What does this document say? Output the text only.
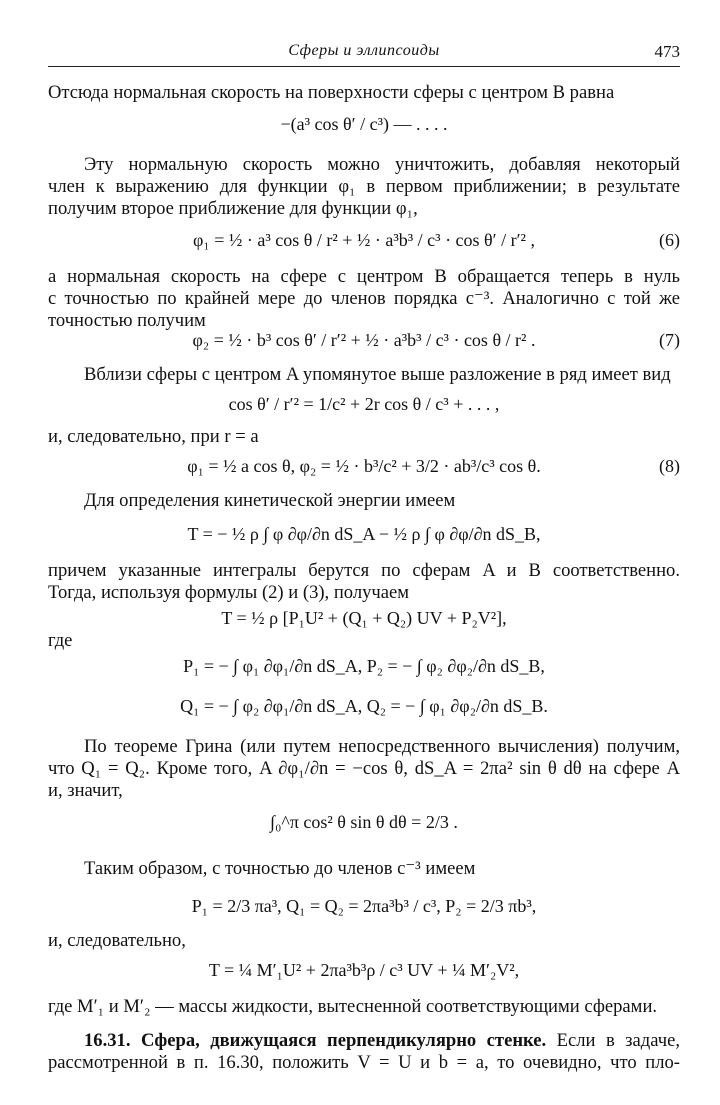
Сферы и эллипсоиды	473
Отсюда нормальная скорость на поверхности сферы с центром B равна
−(a³ cos θ′ / c³) — . . . .
Эту нормальную скорость можно уничтожить, добавляя некоторый
член к выражению для функции φ₁ в первом приближении; в результате
получим второе приближение для функции φ₁,
φ₁ = ½ · a³ cos θ / r² + ½ · a³b³ / c³ · cos θ′ / r′² ,	(6)
а нормальная скорость на сфере с центром B обращается теперь в нуль
с точностью по крайней мере до членов порядка c⁻³. Аналогично с той же
точностью получим
φ₂ = ½ · b³ cos θ′ / r′² + ½ · a³b³ / c³ · cos θ / r² .	(7)
Вблизи сферы с центром A упомянутое выше разложение в ряд имеет вид
cos θ′ / r′² = 1/c² + 2r cos θ / c³ + . . . ,
и, следовательно, при r = a
φ₁ = ½ a cos θ, φ₂ = ½ · b³/c² + 3/2 · ab³/c³ cos θ.	(8)
Для определения кинетической энергии имеем
T = − ½ ρ ∫ φ ∂φ/∂n dS_A − ½ ρ ∫ φ ∂φ/∂n dS_B,
причем указанные интегралы берутся по сферам A и B соответственно.
Тогда, используя формулы (2) и (3), получаем
T = ½ ρ [P₁U² + (Q₁ + Q₂) UV + P₂V²],
где
P₁ = − ∫ φ₁ ∂φ₁/∂n dS_A, P₂ = − ∫ φ₂ ∂φ₂/∂n dS_B,
Q₁ = − ∫ φ₂ ∂φ₁/∂n dS_A, Q₂ = − ∫ φ₁ ∂φ₂/∂n dS_B.
По теореме Грина (или путем непосредственного вычисления) получим,
что Q₁ = Q₂. Кроме того, A ∂φ₁/∂n = −cos θ, dS_A = 2πa² sin θ dθ на сфере A
и, значит,
∫₀^π cos² θ sin θ dθ = 2/3 .
Таким образом, с точностью до членов c⁻³ имеем
P₁ = 2/3 πa³, Q₁ = Q₂ = 2πa³b³ / c³, P₂ = 2/3 πb³,
и, следовательно,
T = ¼ M′₁U² + 2πa³b³ρ / c³ UV + ¼ M′₂V²,
где M′₁ и M′₂ — массы жидкости, вытесненной соответствующими сферами.
16.31. Сфера, движущаяся перпендикулярно стенке. Если в задаче,
рассмотренной в п. 16.30, положить V = U и b = a, то очевидно, что пло-
